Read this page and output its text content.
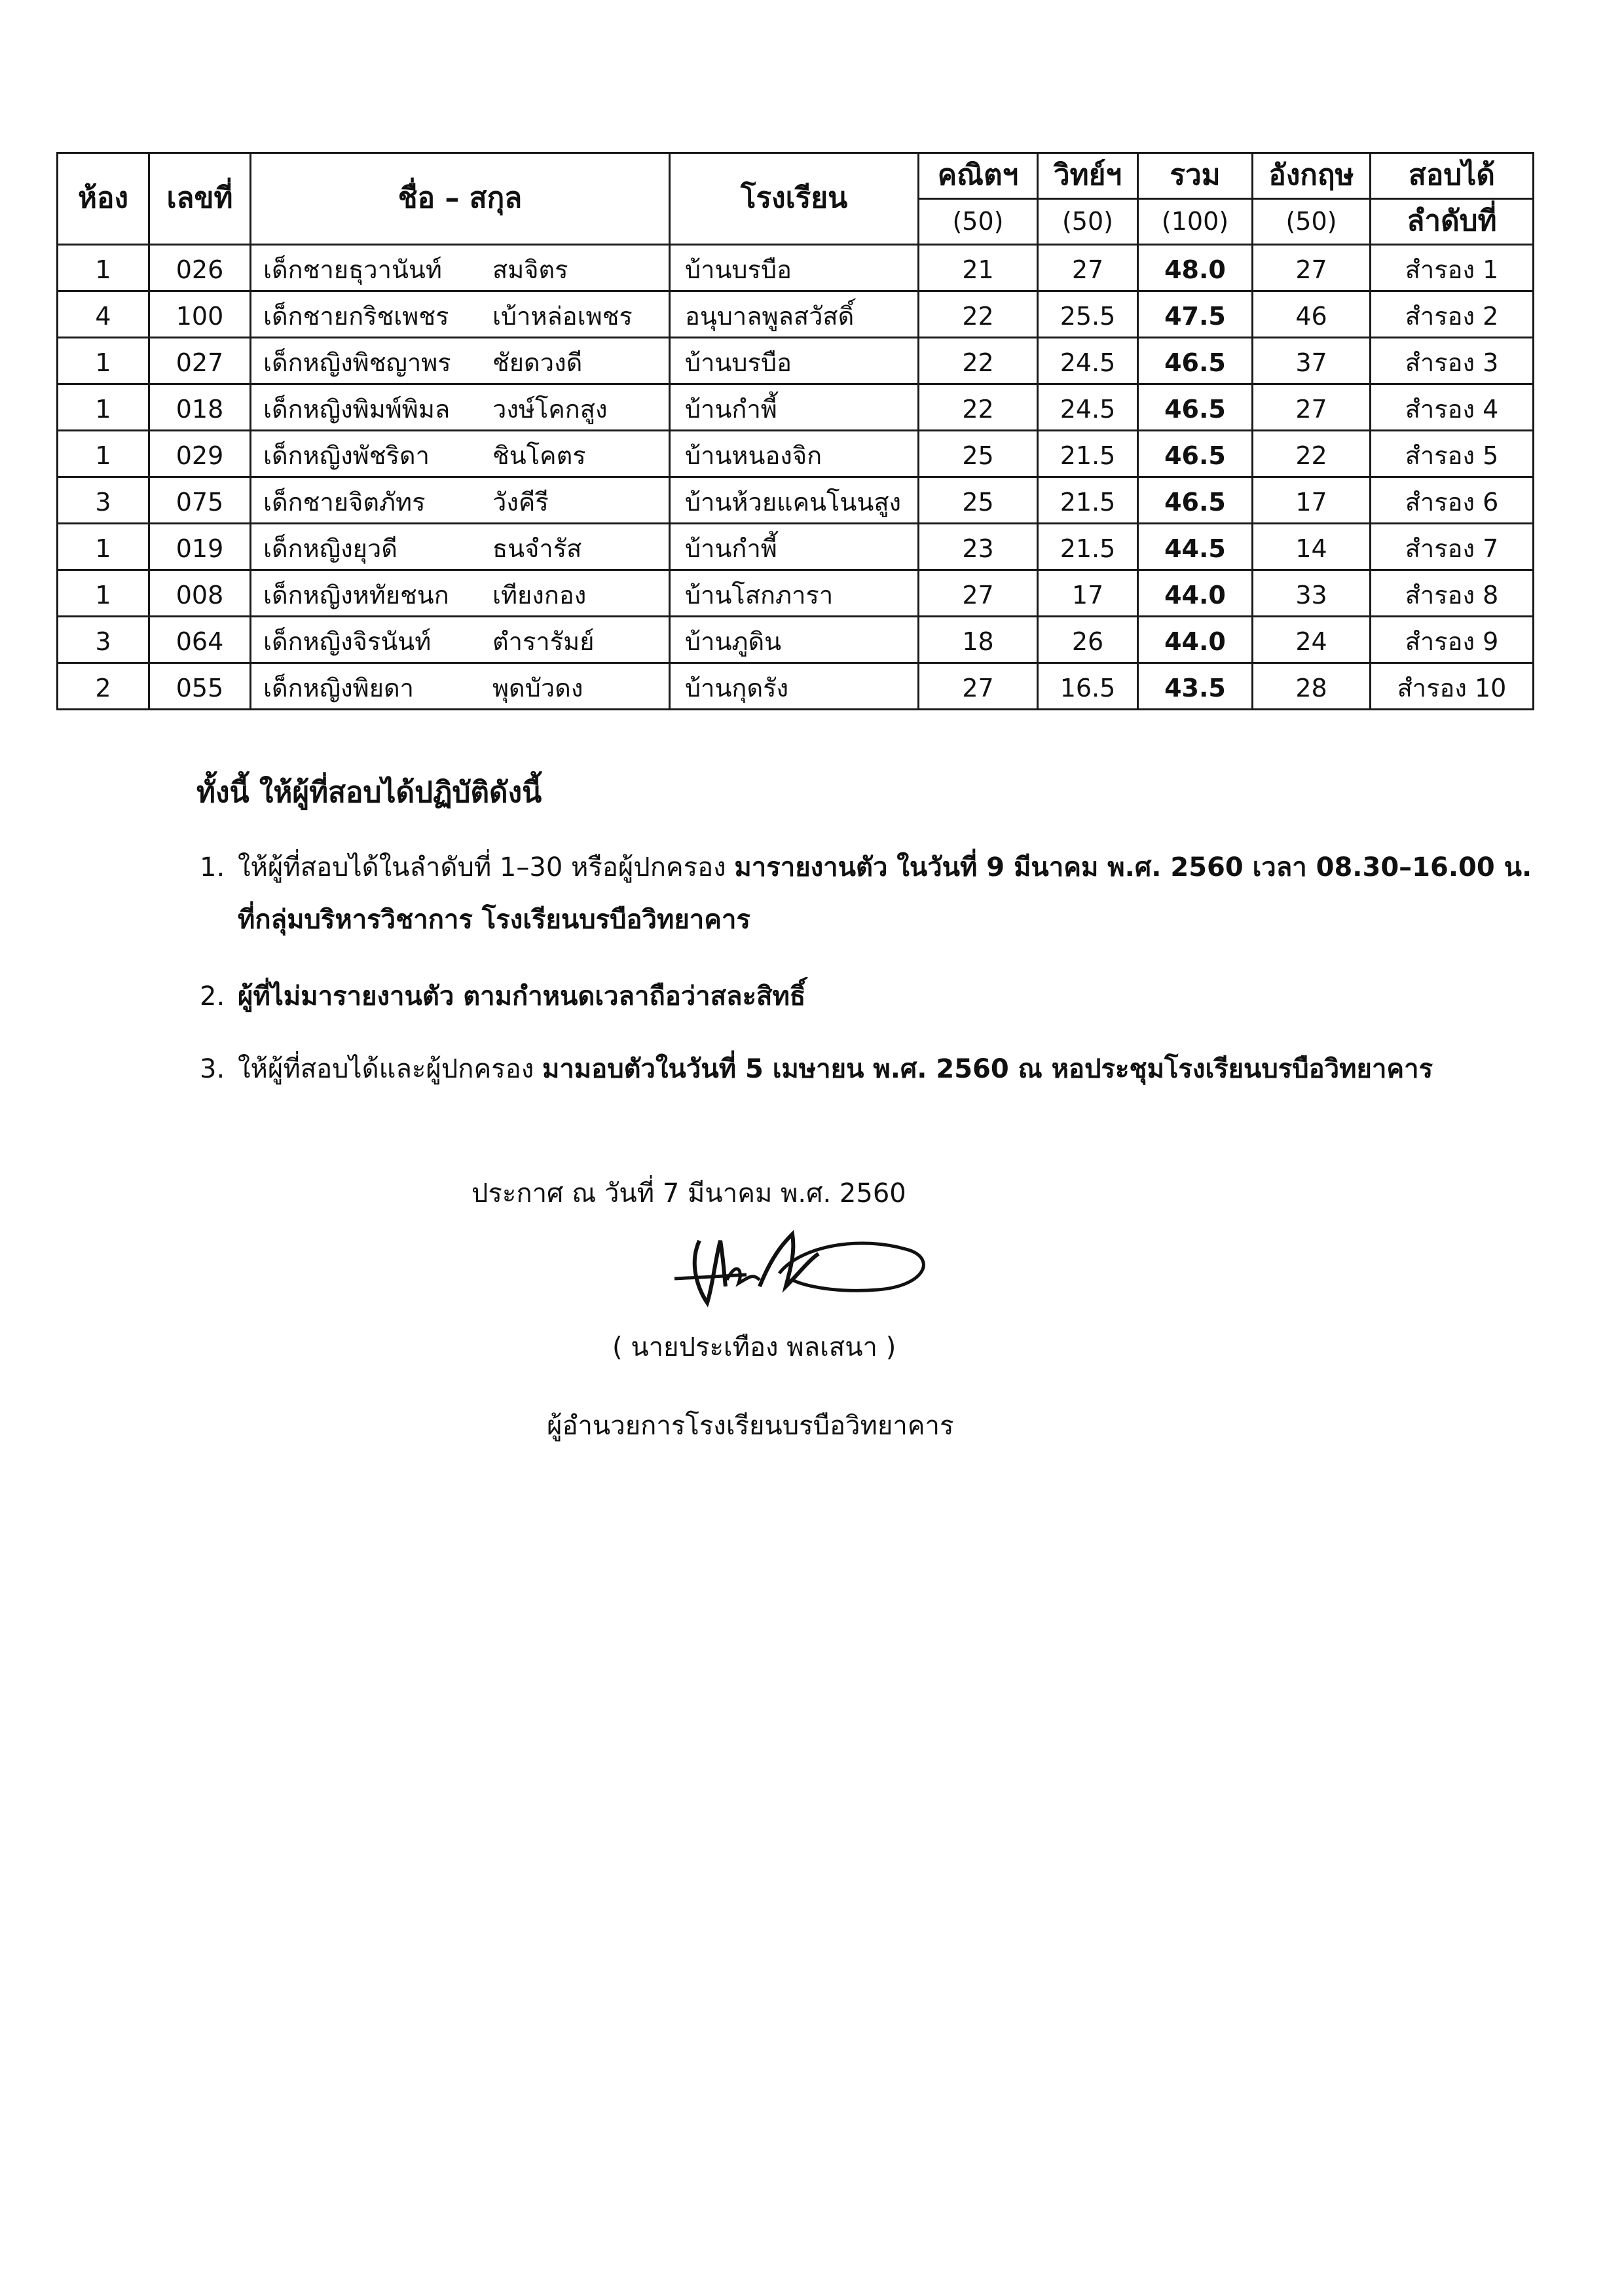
ห้อง	เลขที่	ชื่อ – สกุล	โรงเรียน	คณิตฯ	วิทย์ฯ	รวม	อังกฤษ	สอบได้
				(50)	(50)	(100)	(50)	ลำดับที่
1	026	เด็กชายธุวานันท์ สมจิตร	บ้านบรบือ	21	27	48.0	27	สำรอง 1
4	100	เด็กชายกริชเพชร เบ้าหล่อเพชร	อนุบาลพูลสวัสดิ์	22	25.5	47.5	46	สำรอง 2
1	027	เด็กหญิงพิชญาพร ชัยดวงดี	บ้านบรบือ	22	24.5	46.5	37	สำรอง 3
1	018	เด็กหญิงพิมพ์พิมล วงษ์โคกสูง	บ้านกำพี้	22	24.5	46.5	27	สำรอง 4
1	029	เด็กหญิงพัชริดา ชินโคตร	บ้านหนองจิก	25	21.5	46.5	22	สำรอง 5
3	075	เด็กชายจิตภัทร วังคีรี	บ้านห้วยแคนโนนสูง	25	21.5	46.5	17	สำรอง 6
1	019	เด็กหญิงยุวดี ธนจำรัส	บ้านกำพี้	23	21.5	44.5	14	สำรอง 7
1	008	เด็กหญิงหทัยชนก เทียงกอง	บ้านโสกภารา	27	17	44.0	33	สำรอง 8
3	064	เด็กหญิงจิรนันท์ ตำรารัมย์	บ้านภูดิน	18	26	44.0	24	สำรอง 9
2	055	เด็กหญิงพิยดา พุดบัวดง	บ้านกุดรัง	27	16.5	43.5	28	สำรอง 10
ทั้งนี้ ให้ผู้ที่สอบได้ปฏิบัติดังนี้
1. ให้ผู้ที่สอบได้ในลำดับที่ 1–30 หรือผู้ปกครอง มารายงานตัว ในวันที่ 9 มีนาคม พ.ศ. 2560 เวลา 08.30–16.00 น.
ที่กลุ่มบริหารวิชาการ โรงเรียนบรบือวิทยาคาร
2. ผู้ที่ไม่มารายงานตัว ตามกำหนดเวลาถือว่าสละสิทธิ์
3. ให้ผู้ที่สอบได้และผู้ปกครอง มามอบตัวในวันที่ 5 เมษายน พ.ศ. 2560 ณ หอประชุมโรงเรียนบรบือวิทยาคาร
ประกาศ ณ วันที่ 7 มีนาคม พ.ศ. 2560
( นายประเทือง พลเสนา )
ผู้อำนวยการโรงเรียนบรบือวิทยาคาร
